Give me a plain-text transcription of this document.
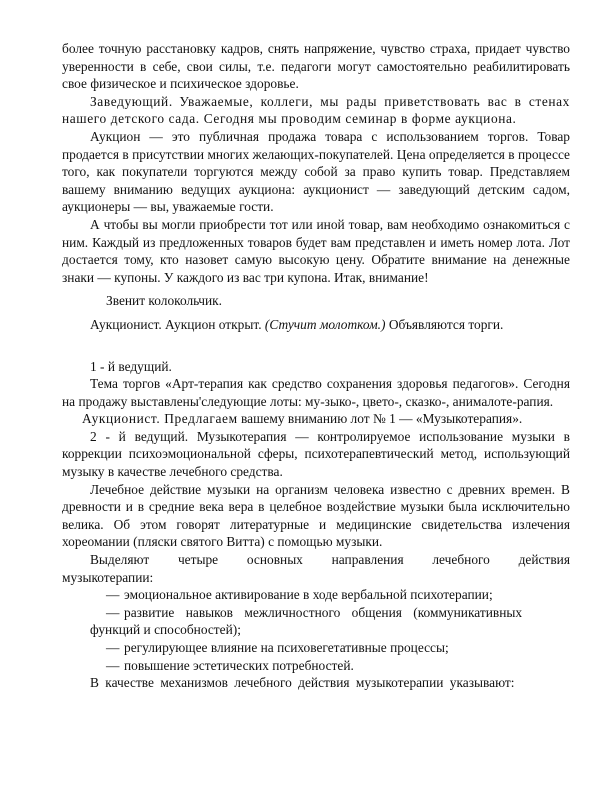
более точную расстановку кадров, снять напряжение, чувство страха, придает чувство уверенности в себе, свои силы, т.е. педагоги могут самостоятельно реабилитировать свое физическое и психическое здоровье.

Заведующий. Уважаемые, коллеги, мы рады приветствовать вас в стенах нашего детского сада. Сегодня мы проводим семинар в форме аукциона.

Аукцион — это публичная продажа товара с использованием торгов. Товар продается в присутствии многих желающих-покупателей. Цена определяется в процессе того, как покупатели торгуются между собой за право купить товар. Представляем вашему вниманию ведущих аукциона: аукционист — заведующий детским садом, аукционеры — вы, уважаемые гости.

А чтобы вы могли приобрести тот или иной товар, вам необходимо ознакомиться с ним. Каждый из предложенных товаров будет вам представлен и иметь номер лота. Лот достается тому, кто назовет самую высокую цену. Обратите внимание на денежные знаки — купоны. У каждого из вас три купона. Итак, внимание!

Звенит колокольчик.

Аукционист. Аукцион открыт. (Стучит молотком.) Объявляются торги.

1 - й ведущий.

Тема торгов «Арт-терапия как средство сохранения здоровья педагогов». Сегодня на продажу выставлены'следующие лоты: му-зыко-, цвето-, сказко-, анималоте-рапия.

Аукционист. Предлагаем вашему вниманию лот № 1 — «Музыкотерапия».

2 - й ведущий. Музыкотерапия — контролируемое использование музыки в коррекции психоэмоциональной сферы, психотерапевтический метод, использующий музыку в качестве лечебного средства.

Лечебное действие музыки на организм человека известно с древних времен. В древности и в средние века вера в целебное воздействие музыки была исключительно велика. Об этом говорят литературные и медицинские свидетельства излечения хореомании (пляски святого Витта) с помощью музыки.

Выделяют четыре основных направления лечебного действия музыкотерапии:

— эмоциональное активирование в ходе вербальной психотерапии;

— развитие навыков межличностного общения (коммуникативных

функций и способностей);

— регулирующее влияние на психовегетативные процессы;

— повышение эстетических потребностей.

В качестве механизмов лечебного действия музыкотерапии указывают:
